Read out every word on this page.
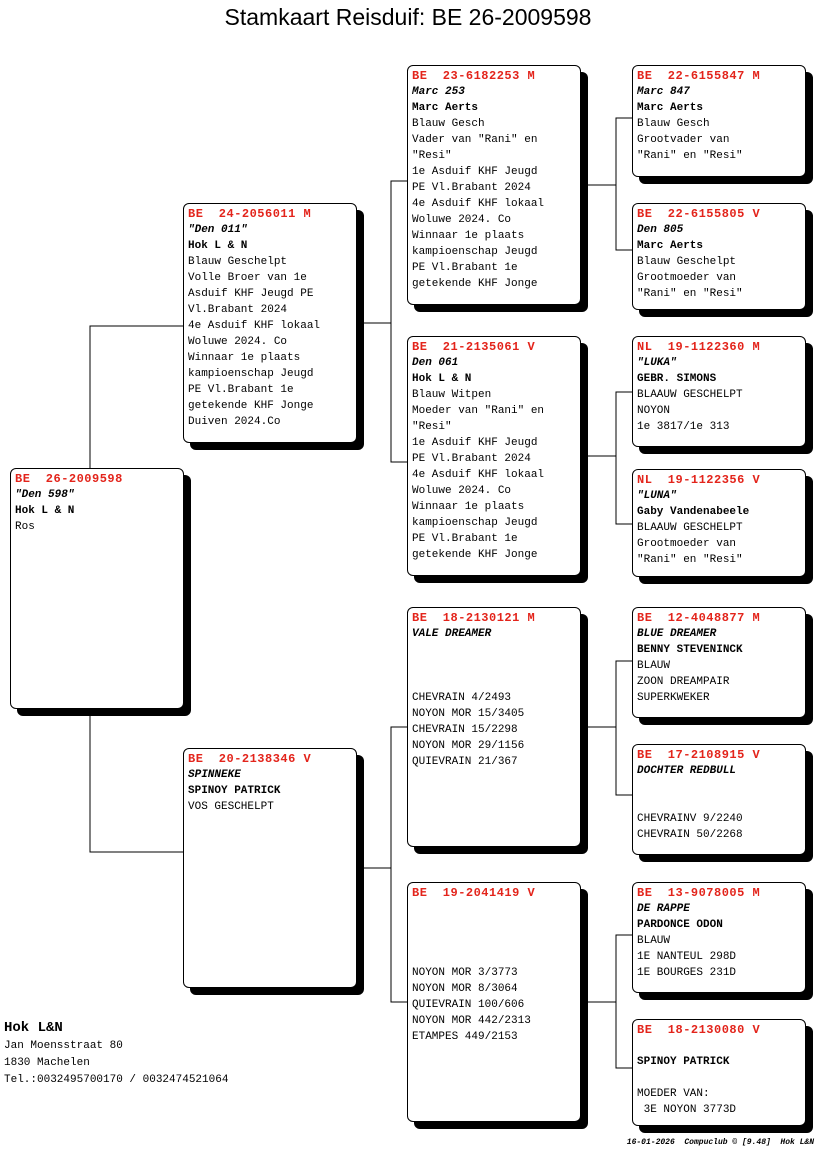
Stamkaart Reisduif: BE 26-2009598
BE  26-2009598
"Den 598"
Hok L & N
Ros
BE  24-2056011 M
"Den 011"
Hok L & N
Blauw Geschelpt
Volle Broer van 1e
Asduif KHF Jeugd PE
Vl.Brabant 2024
4e Asduif KHF lokaal
Woluwe 2024. Co
Winnaar 1e plaats
kampioenschap Jeugd
PE Vl.Brabant 1e
getekende KHF Jonge
Duiven 2024.Co
BE  20-2138346 V
SPINNEKE
SPINOY PATRICK
VOS GESCHELPT
BE  23-6182253 M
Marc 253
Marc Aerts
Blauw Gesch
Vader van "Rani" en
"Resi"
1e Asduif KHF Jeugd
PE Vl.Brabant 2024
4e Asduif KHF lokaal
Woluwe 2024. Co
Winnaar 1e plaats
kampioenschap Jeugd
PE Vl.Brabant 1e
getekende KHF Jonge
BE  21-2135061 V
Den 061
Hok L & N
Blauw Witpen
Moeder van "Rani" en
"Resi"
1e Asduif KHF Jeugd
PE Vl.Brabant 2024
4e Asduif KHF lokaal
Woluwe 2024. Co
Winnaar 1e plaats
kampioenschap Jeugd
PE Vl.Brabant 1e
getekende KHF Jonge
BE  18-2130121 M
VALE DREAMER
CHEVRAIN 4/2493
NOYON MOR 15/3405
CHEVRAIN 15/2298
NOYON MOR 29/1156
QUIEVRAIN 21/367
BE  19-2041419 V
NOYON MOR 3/3773
NOYON MOR 8/3064
QUIEVRAIN 100/606
NOYON MOR 442/2313
ETAMPES 449/2153
BE  22-6155847 M
Marc 847
Marc Aerts
Blauw Gesch
Grootvader van
"Rani" en "Resi"
BE  22-6155805 V
Den 805
Marc Aerts
Blauw Geschelpt
Grootmoeder van
"Rani" en "Resi"
NL  19-1122360 M
"LUKA"
GEBR. SIMONS
BLAAUW GESCHELPT
NOYON
1e 3817/1e 313
NL  19-1122356 V
"LUNA"
Gaby Vandenabeele
BLAAUW GESCHELPT
Grootmoeder van
"Rani" en "Resi"
BE  12-4048877 M
BLUE DREAMER
BENNY STEVENINCK
BLAUW
ZOON DREAMPAIR
SUPERKWEKER
BE  17-2108915 V
DOCHTER REDBULL
CHEVRAINV 9/2240
CHEVRAIN 50/2268
BE  13-9078005 M
DE RAPPE
PARDONCE ODON
BLAUW
1E NANTEUL 298D
1E BOURGES 231D
BE  18-2130080 V
SPINOY PATRICK
MOEDER VAN:
3E NOYON 3773D
Hok L&N
Jan Moensstraat 80
1830 Machelen
Tel.:0032495700170 / 0032474521064
16-01-2026  Compuclub © [9.48]  Hok L&N
